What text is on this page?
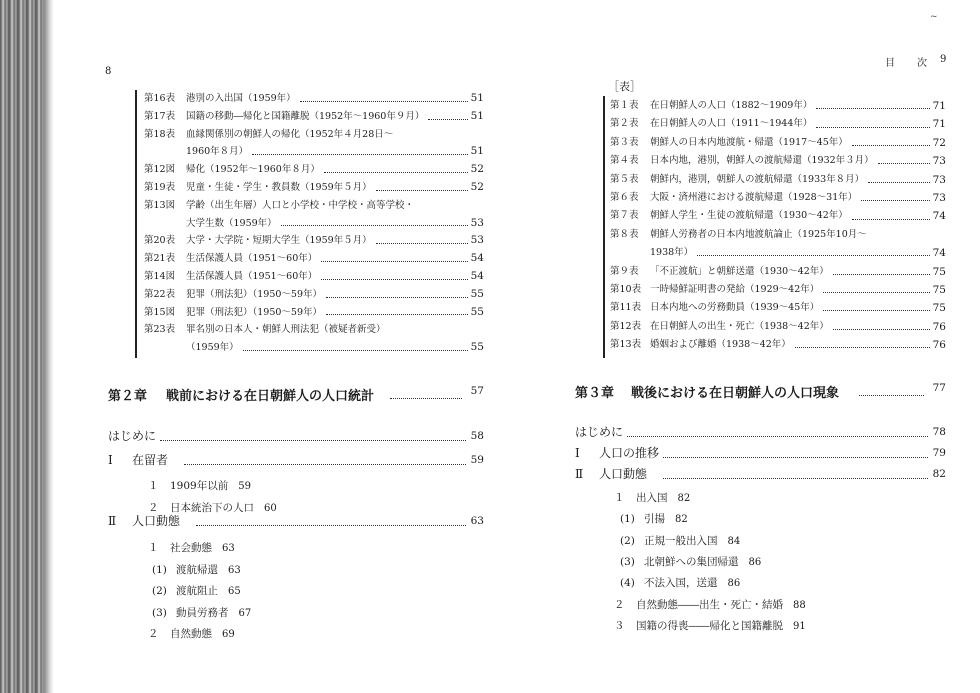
8
第16表 港別の入出国（1959年）	51
第17表 国籍の移動―帰化と国籍離脱（1952年〜1960年９月）	51
第18表 血縁関係別の朝鮮人の帰化（1952年４月28日〜
1960年８月）	51
第12図 帰化（1952年〜1960年８月）	52
第19表 児童・生徒・学生・教員数（1959年５月）	52
第13図 学齢（出生年層）人口と小学校・中学校・高等学校・
大学生数（1959年）	53
第20表 大学・大学院・短期大学生（1959年５月）	53
第21表 生活保護人員（1951〜60年）	54
第14図 生活保護人員（1951〜60年）	54
第22表 犯罪（刑法犯）（1950〜59年）	55
第15図 犯罪（刑法犯）（1950〜59年）	55
第23表 罪名別の日本人・朝鮮人刑法犯（被疑者新受）
（1959年）	55
第２章 戦前における在日朝鮮人の人口統計	57
はじめに	58
Ⅰ 在留者	59
１ 1909年以前 59
２ 日本統治下の人口 60
Ⅱ 人口動態	63
１ 社会動態 63
(1) 渡航帰還 63
(2) 渡航阻止 65
(3) 動員労務者 67
２ 自然動態 69
目　次 9
~
［表］
第１表 在日朝鮮人の人口（1882〜1909年）	71
第２表 在日朝鮮人の人口（1911〜1944年）	71
第３表 朝鮮人の日本内地渡航・帰還（1917〜45年）	72
第４表 日本内地，港別，朝鮮人の渡航帰還（1932年３月）	73
第５表 朝鮮内，港別，朝鮮人の渡航帰還（1933年８月）	73
第６表 大阪・済州港における渡航帰還（1928〜31年）	73
第７表 朝鮮人学生・生徒の渡航帰還（1930〜42年）	74
第８表 朝鮮人労務者の日本内地渡航論止（1925年10月〜
1938年）	74
第９表 「不正渡航」と朝鮮送還（1930〜42年）	75
第10表 一時帰鮮証明書の発給（1929〜42年）	75
第11表 日本内地への労務動員（1939〜45年）	75
第12表 在日朝鮮人の出生・死亡（1938〜42年）	76
第13表 婚姻および離婚（1938〜42年）	76
第３章 戦後における在日朝鮮人の人口現象	77
はじめに	78
Ⅰ 人口の推移	79
Ⅱ 人口動態	82
１ 出入国 82
(1) 引揚 82
(2) 正規一般出入国 84
(3) 北朝鮮への集団帰還 86
(4) 不法入国，送還 86
２ 自然動態――出生・死亡・結婚 88
３ 国籍の得喪――帰化と国籍離脱 91
